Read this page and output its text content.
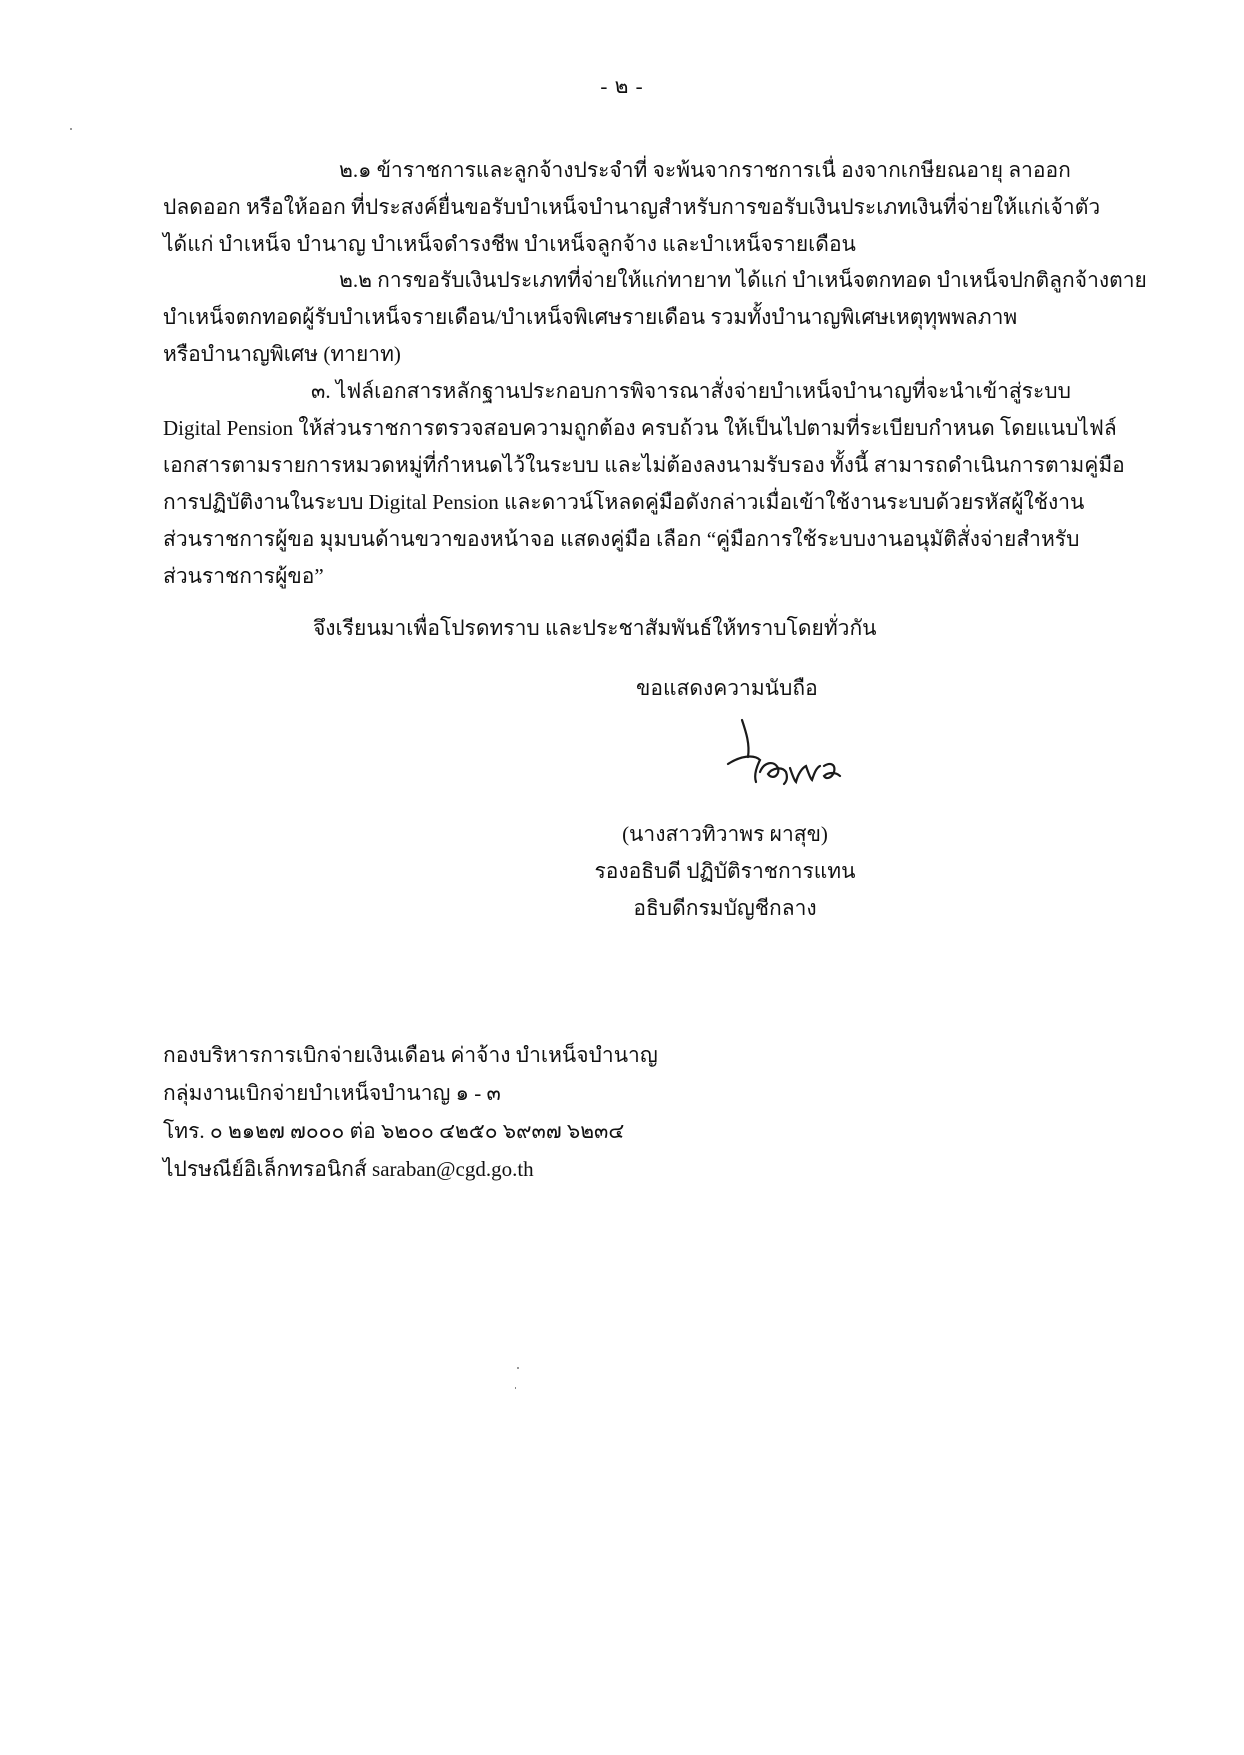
- ๒ -
๒.๑ ข้าราชการและลูกจ้างประจำที่ จะพ้นจากราชการเนื่ องจากเกษียณอายุ ลาออก
ปลดออก หรือให้ออก ที่ประสงค์ยื่นขอรับบำเหน็จบำนาญสำหรับการขอรับเงินประเภทเงินที่จ่ายให้แก่เจ้าตัว
ได้แก่ บำเหน็จ บำนาญ บำเหน็จดำรงชีพ บำเหน็จลูกจ้าง และบำเหน็จรายเดือน
๒.๒ การขอรับเงินประเภทที่จ่ายให้แก่ทายาท ได้แก่ บำเหน็จตกทอด บำเหน็จปกติลูกจ้างตาย
บำเหน็จตกทอดผู้รับบำเหน็จรายเดือน/บำเหน็จพิเศษรายเดือน รวมทั้งบำนาญพิเศษเหตุทุพพลภาพ
หรือบำนาญพิเศษ (ทายาท)
๓. ไฟล์เอกสารหลักฐานประกอบการพิจารณาสั่งจ่ายบำเหน็จบำนาญที่จะนำเข้าสู่ระบบ
Digital Pension ให้ส่วนราชการตรวจสอบความถูกต้อง ครบถ้วน ให้เป็นไปตามที่ระเบียบกำหนด โดยแนบไฟล์
เอกสารตามรายการหมวดหมู่ที่กำหนดไว้ในระบบ และไม่ต้องลงนามรับรอง ทั้งนี้ สามารถดำเนินการตามคู่มือ
การปฏิบัติงานในระบบ Digital Pension และดาวน์โหลดคู่มือดังกล่าวเมื่อเข้าใช้งานระบบด้วยรหัสผู้ใช้งาน
ส่วนราชการผู้ขอ มุมบนด้านขวาของหน้าจอ แสดงคู่มือ เลือก “คู่มือการใช้ระบบงานอนุมัติสั่งจ่ายสำหรับ
ส่วนราชการผู้ขอ”
จึงเรียนมาเพื่อโปรดทราบ และประชาสัมพันธ์ให้ทราบโดยทั่วกัน
ขอแสดงความนับถือ
(นางสาวทิวาพร ผาสุข)
รองอธิบดี ปฏิบัติราชการแทน
อธิบดีกรมบัญชีกลาง
กองบริหารการเบิกจ่ายเงินเดือน ค่าจ้าง บำเหน็จบำนาญ
กลุ่มงานเบิกจ่ายบำเหน็จบำนาญ ๑ - ๓
โทร. ๐ ๒๑๒๗ ๗๐๐๐ ต่อ ๖๒๐๐ ๔๒๕๐ ๖๙๓๗ ๖๒๓๔
ไปรษณีย์อิเล็กทรอนิกส์ saraban@cgd.go.th
